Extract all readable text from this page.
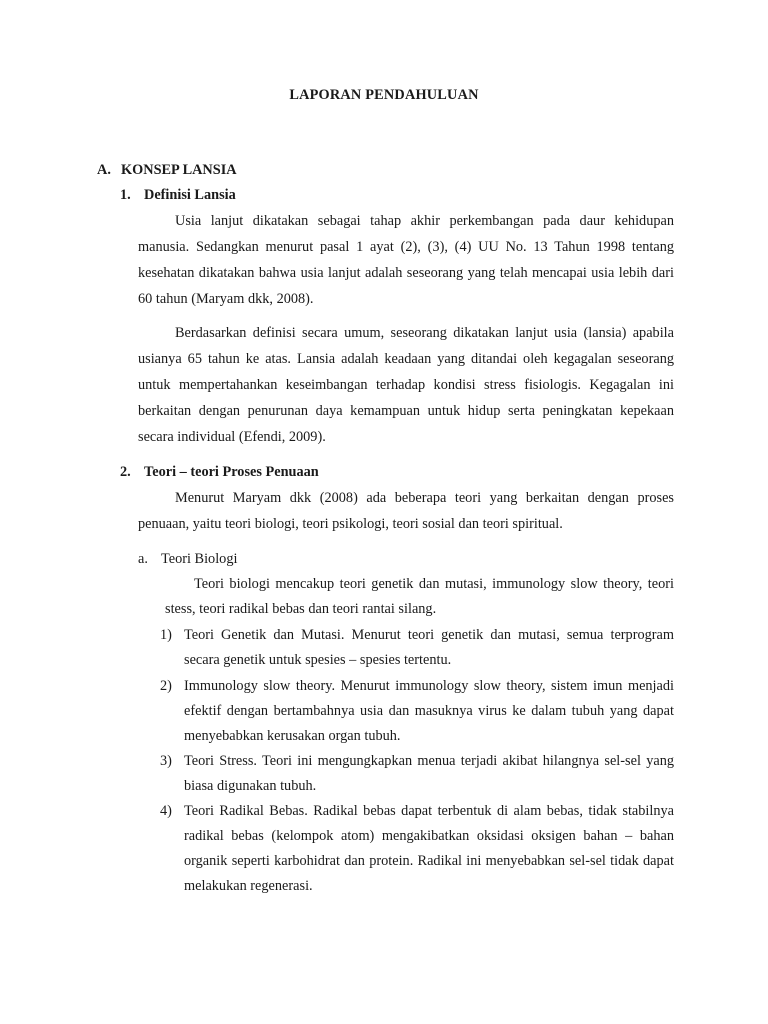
LAPORAN PENDAHULUAN
A. KONSEP LANSIA
1. Definisi Lansia

Usia lanjut dikatakan sebagai tahap akhir perkembangan pada daur kehidupan manusia. Sedangkan menurut pasal 1 ayat (2), (3), (4) UU No. 13 Tahun 1998 tentang kesehatan dikatakan bahwa usia lanjut adalah seseorang yang telah mencapai usia lebih dari 60 tahun (Maryam dkk, 2008).

Berdasarkan definisi secara umum, seseorang dikatakan lanjut usia (lansia) apabila usianya 65 tahun ke atas. Lansia adalah keadaan yang ditandai oleh kegagalan seseorang untuk mempertahankan keseimbangan terhadap kondisi stress fisiologis. Kegagalan ini berkaitan dengan penurunan daya kemampuan untuk hidup serta peningkatan kepekaan secara individual (Efendi, 2009).

2. Teori – teori Proses Penuaan

Menurut Maryam dkk (2008) ada beberapa teori yang berkaitan dengan proses penuaan, yaitu teori biologi, teori psikologi, teori sosial dan teori spiritual.

a. Teori Biologi

Teori biologi mencakup teori genetik dan mutasi, immunology slow theory, teori stess, teori radikal bebas dan teori rantai silang.

1) Teori Genetik dan Mutasi. Menurut teori genetik dan mutasi, semua terprogram secara genetik untuk spesies – spesies tertentu.
2) Immunology slow theory. Menurut immunology slow theory, sistem imun menjadi efektif dengan bertambahnya usia dan masuknya virus ke dalam tubuh yang dapat menyebabkan kerusakan organ tubuh.
3) Teori Stress. Teori ini mengungkapkan menua terjadi akibat hilangnya sel-sel yang biasa digunakan tubuh.
4) Teori Radikal Bebas. Radikal bebas dapat terbentuk di alam bebas, tidak stabilnya radikal bebas (kelompok atom) mengakibatkan oksidasi oksigen bahan – bahan organik seperti karbohidrat dan protein. Radikal ini menyebabkan sel-sel tidak dapat melakukan regenerasi.
